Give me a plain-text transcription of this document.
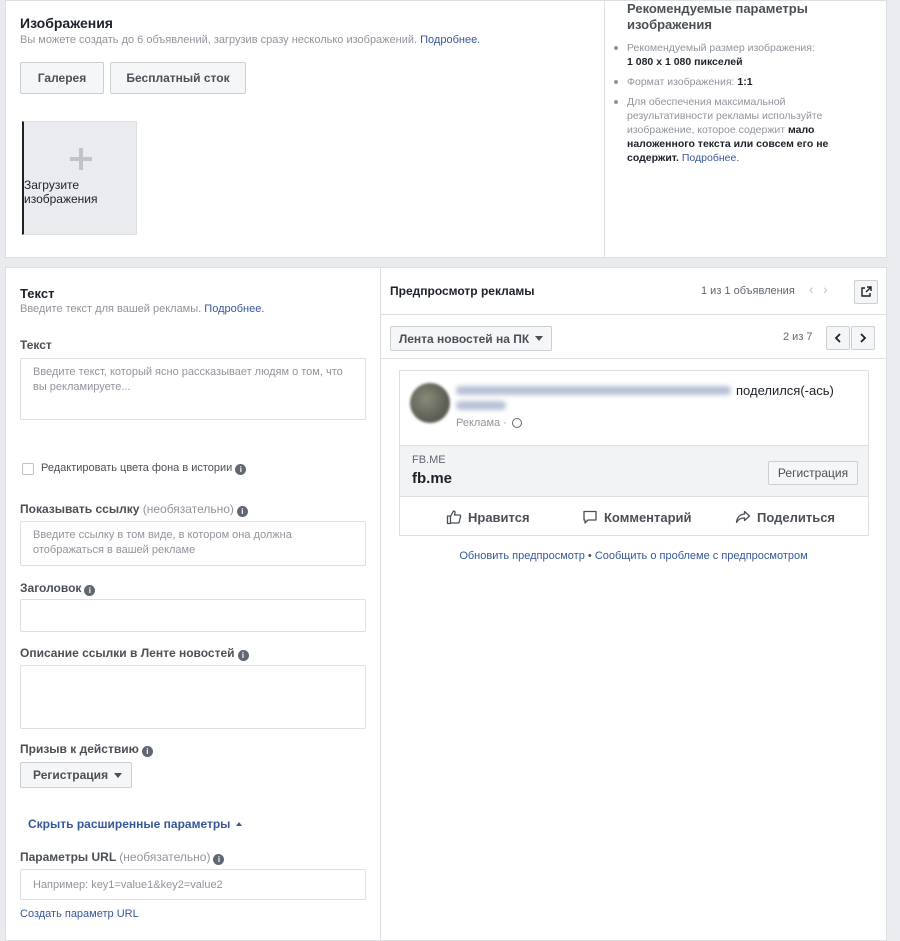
Изображения
Вы можете создать до 6 объявлений, загрузив сразу несколько изображений. Подробнее.
Галерея	Бесплатный сток
Загрузите изображения
Рекомендуемые параметры изображения
Рекомендуемый размер изображения:
1 080 x 1 080 пикселей
Формат изображения: 1:1
Для обеспечения максимальной результативности рекламы используйте изображение, которое содержит мало наложенного текста или совсем его не содержит. Подробнее.
Текст
Введите текст для вашей рекламы. Подробнее.
Текст
Введите текст, который ясно рассказывает людям о том, что вы рекламируете...
Редактировать цвета фона в истории i
Показывать ссылку (необязательно) i
Введите ссылку в том виде, в котором она должна отображаться в вашей рекламе
Заголовок i
Описание ссылки в Ленте новостей i
Призыв к действию i
Регистрация
Скрыть расширенные параметры
Параметры URL (необязательно) i
Например: key1=value1&key2=value2
Создать параметр URL
Предпросмотр рекламы	1 из 1 объявления ‹ ›
Лента новостей на ПК	2 из 7
поделился(-ась)
Реклама ·
FB.ME
fb.me	Регистрация
Нравится	Комментарий	Поделиться
Обновить предпросмотр • Сообщить о проблеме с предпросмотром
